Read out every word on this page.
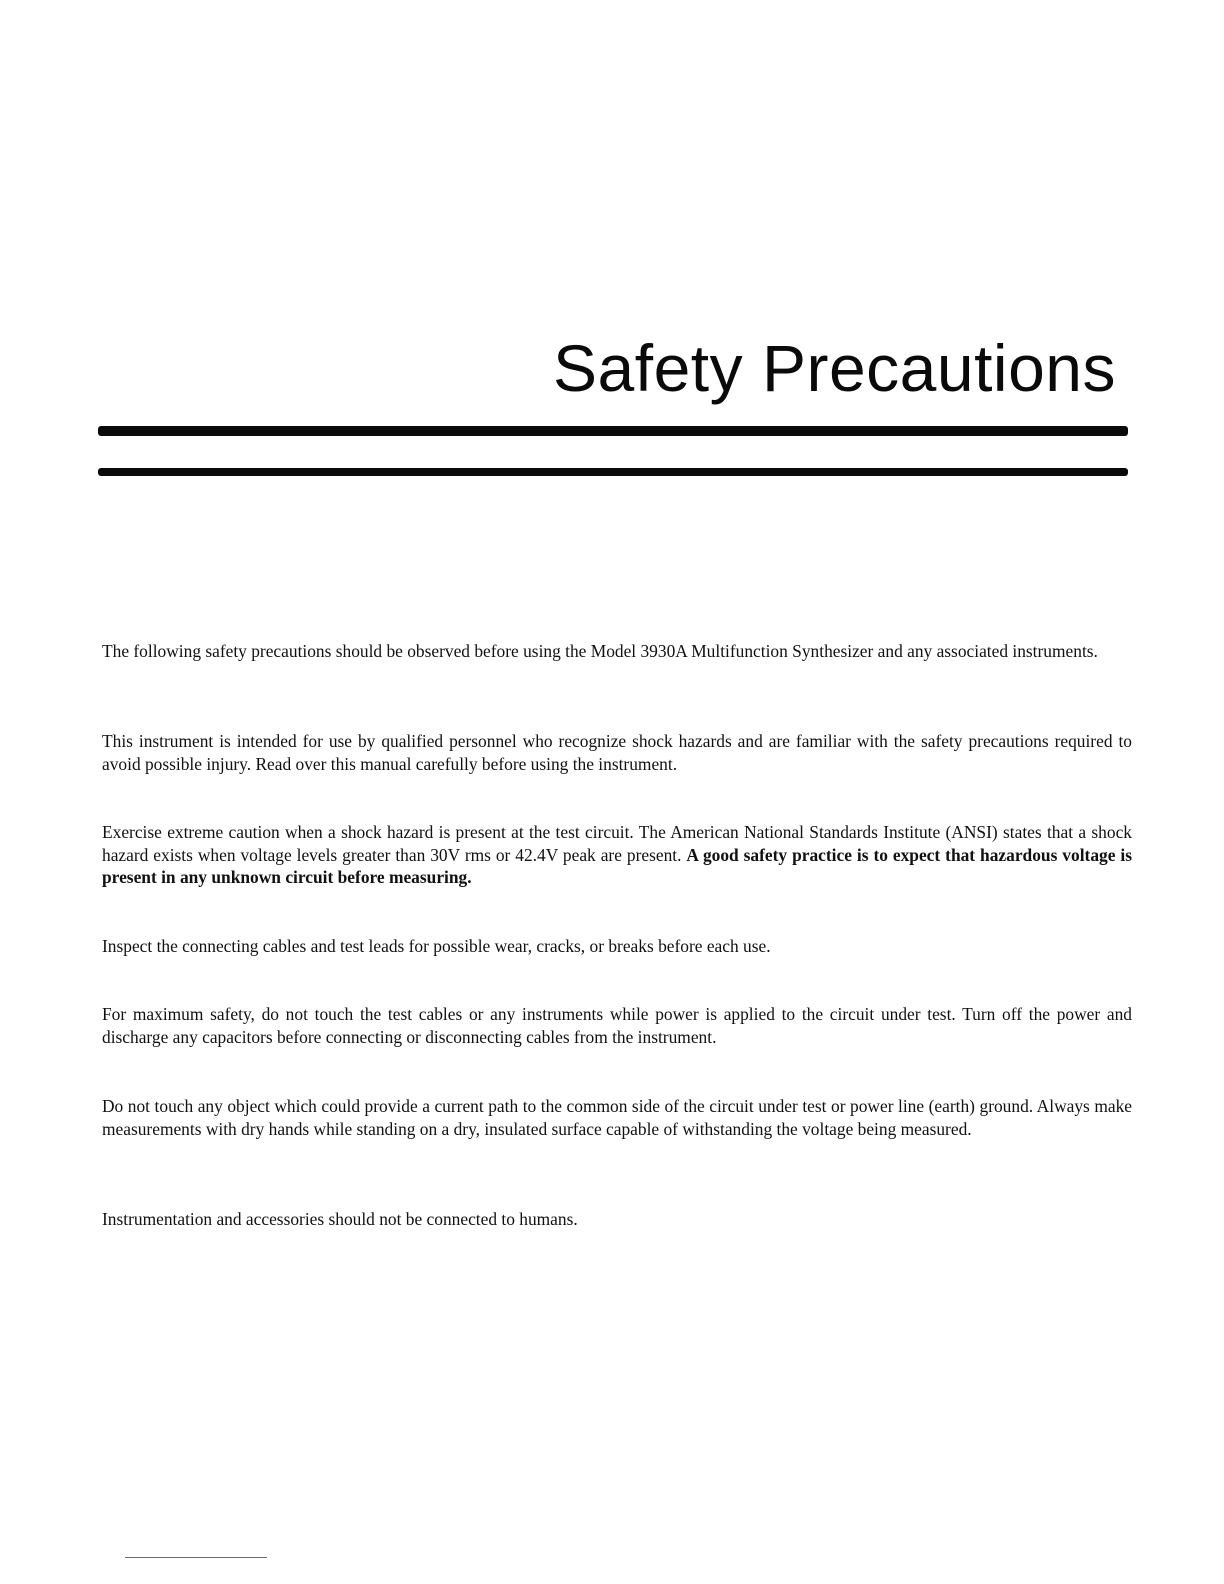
Safety Precautions

The following safety precautions should be observed before using the Model 3930A Multifunction Synthesizer and any associated instruments.

This instrument is intended for use by qualified personnel who recognize shock hazards and are familiar with the safety precautions required to avoid possible injury. Read over this manual carefully before using the instrument.

Exercise extreme caution when a shock hazard is present at the test circuit. The American National Standards Institute (ANSI) states that a shock hazard exists when voltage levels greater than 30V rms or 42.4V peak are present. A good safety practice is to expect that hazardous voltage is present in any unknown circuit before measuring.

Inspect the connecting cables and test leads for possible wear, cracks, or breaks before each use.

For maximum safety, do not touch the test cables or any instruments while power is applied to the circuit under test. Turn off the power and discharge any capacitors before connecting or disconnecting cables from the instrument.

Do not touch any object which could provide a current path to the common side of the circuit under test or power line (earth) ground. Always make measurements with dry hands while standing on a dry, insulated surface capable of withstanding the voltage being measured.

Instrumentation and accessories should not be connected to humans.
